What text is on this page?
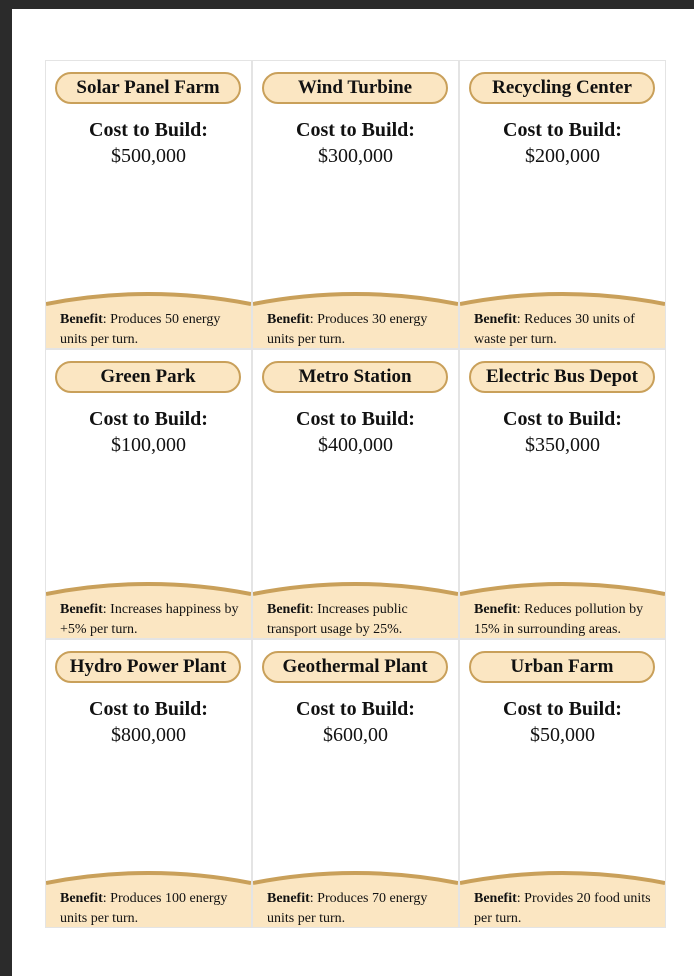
Solar Panel Farm
Cost to Build:
$500,000
Benefit: Produces 50 energy units per turn.
Wind Turbine
Cost to Build:
$300,000
Benefit: Produces 30 energy units per turn.
Recycling Center
Cost to Build:
$200,000
Benefit: Reduces 30 units of waste per turn.
Green Park
Cost to Build:
$100,000
Benefit: Increases happiness by +5% per turn.
Metro Station
Cost to Build:
$400,000
Benefit: Increases public transport usage by 25%.
Electric Bus Depot
Cost to Build:
$350,000
Benefit: Reduces pollution by 15% in surrounding areas.
Hydro Power Plant
Cost to Build:
$800,000
Benefit: Produces 100 energy units per turn.
Geothermal Plant
Cost to Build:
$600,00
Benefit: Produces 70 energy units per turn.
Urban Farm
Cost to Build:
$50,000
Benefit: Provides 20 food units per turn.
